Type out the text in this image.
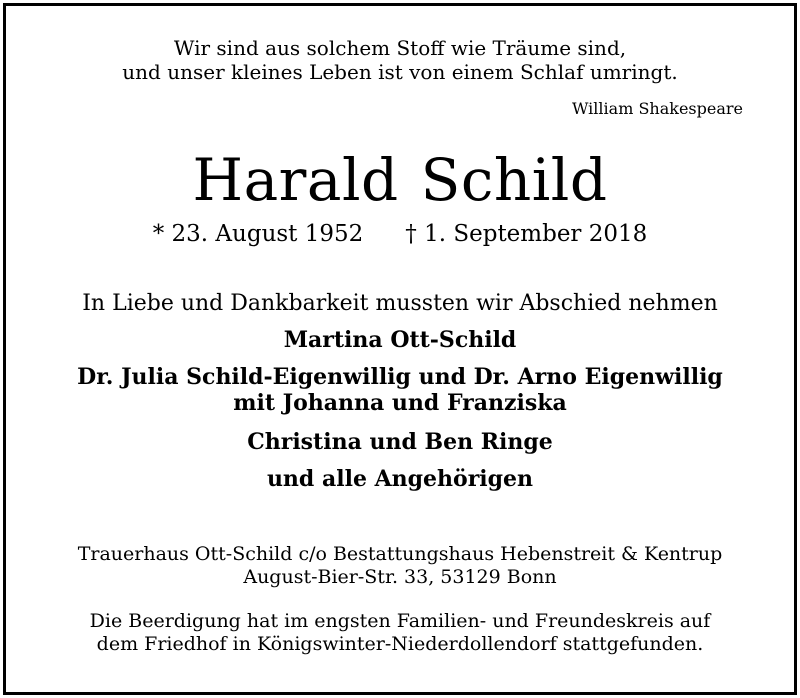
Wir sind aus solchem Stoff wie Träume sind,
und unser kleines Leben ist von einem Schlaf umringt.
William Shakespeare
Harald Schild
* 23. August 1952 † 1. September 2018
In Liebe und Dankbarkeit mussten wir Abschied nehmen
Martina Ott-Schild
Dr. Julia Schild-Eigenwillig und Dr. Arno Eigenwillig
mit Johanna und Franziska
Christina und Ben Ringe
und alle Angehörigen
Trauerhaus Ott-Schild c/o Bestattungshaus Hebenstreit & Kentrup
August-Bier-Str. 33, 53129 Bonn
Die Beerdigung hat im engsten Familien- und Freundeskreis auf
dem Friedhof in Königswinter-Niederdollendorf stattgefunden.
